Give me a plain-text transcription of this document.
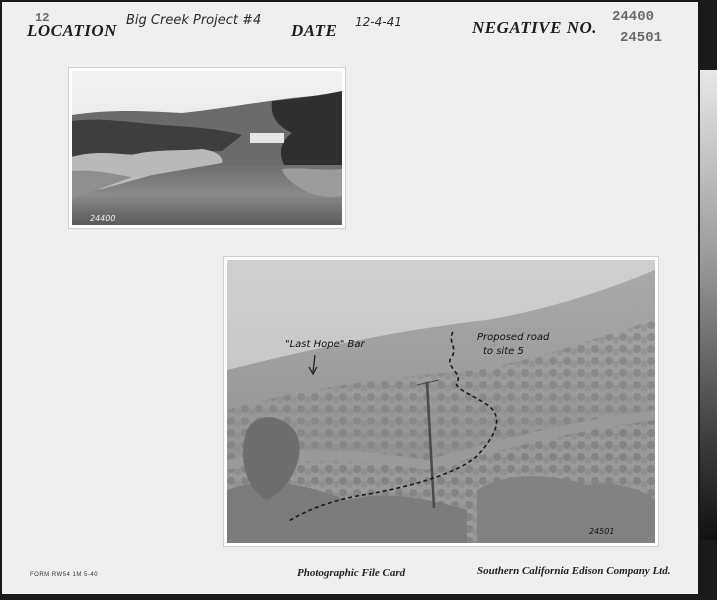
12
LOCATION
Big Creek Project #4
DATE 12-4-41	NEGATIVE NO.
24400
24501
24400
"Last Hope" Bar
Proposed road
to site 5
24501
FORM RW54 1M 5-40	Photographic File Card	Southern California Edison Company Ltd.
